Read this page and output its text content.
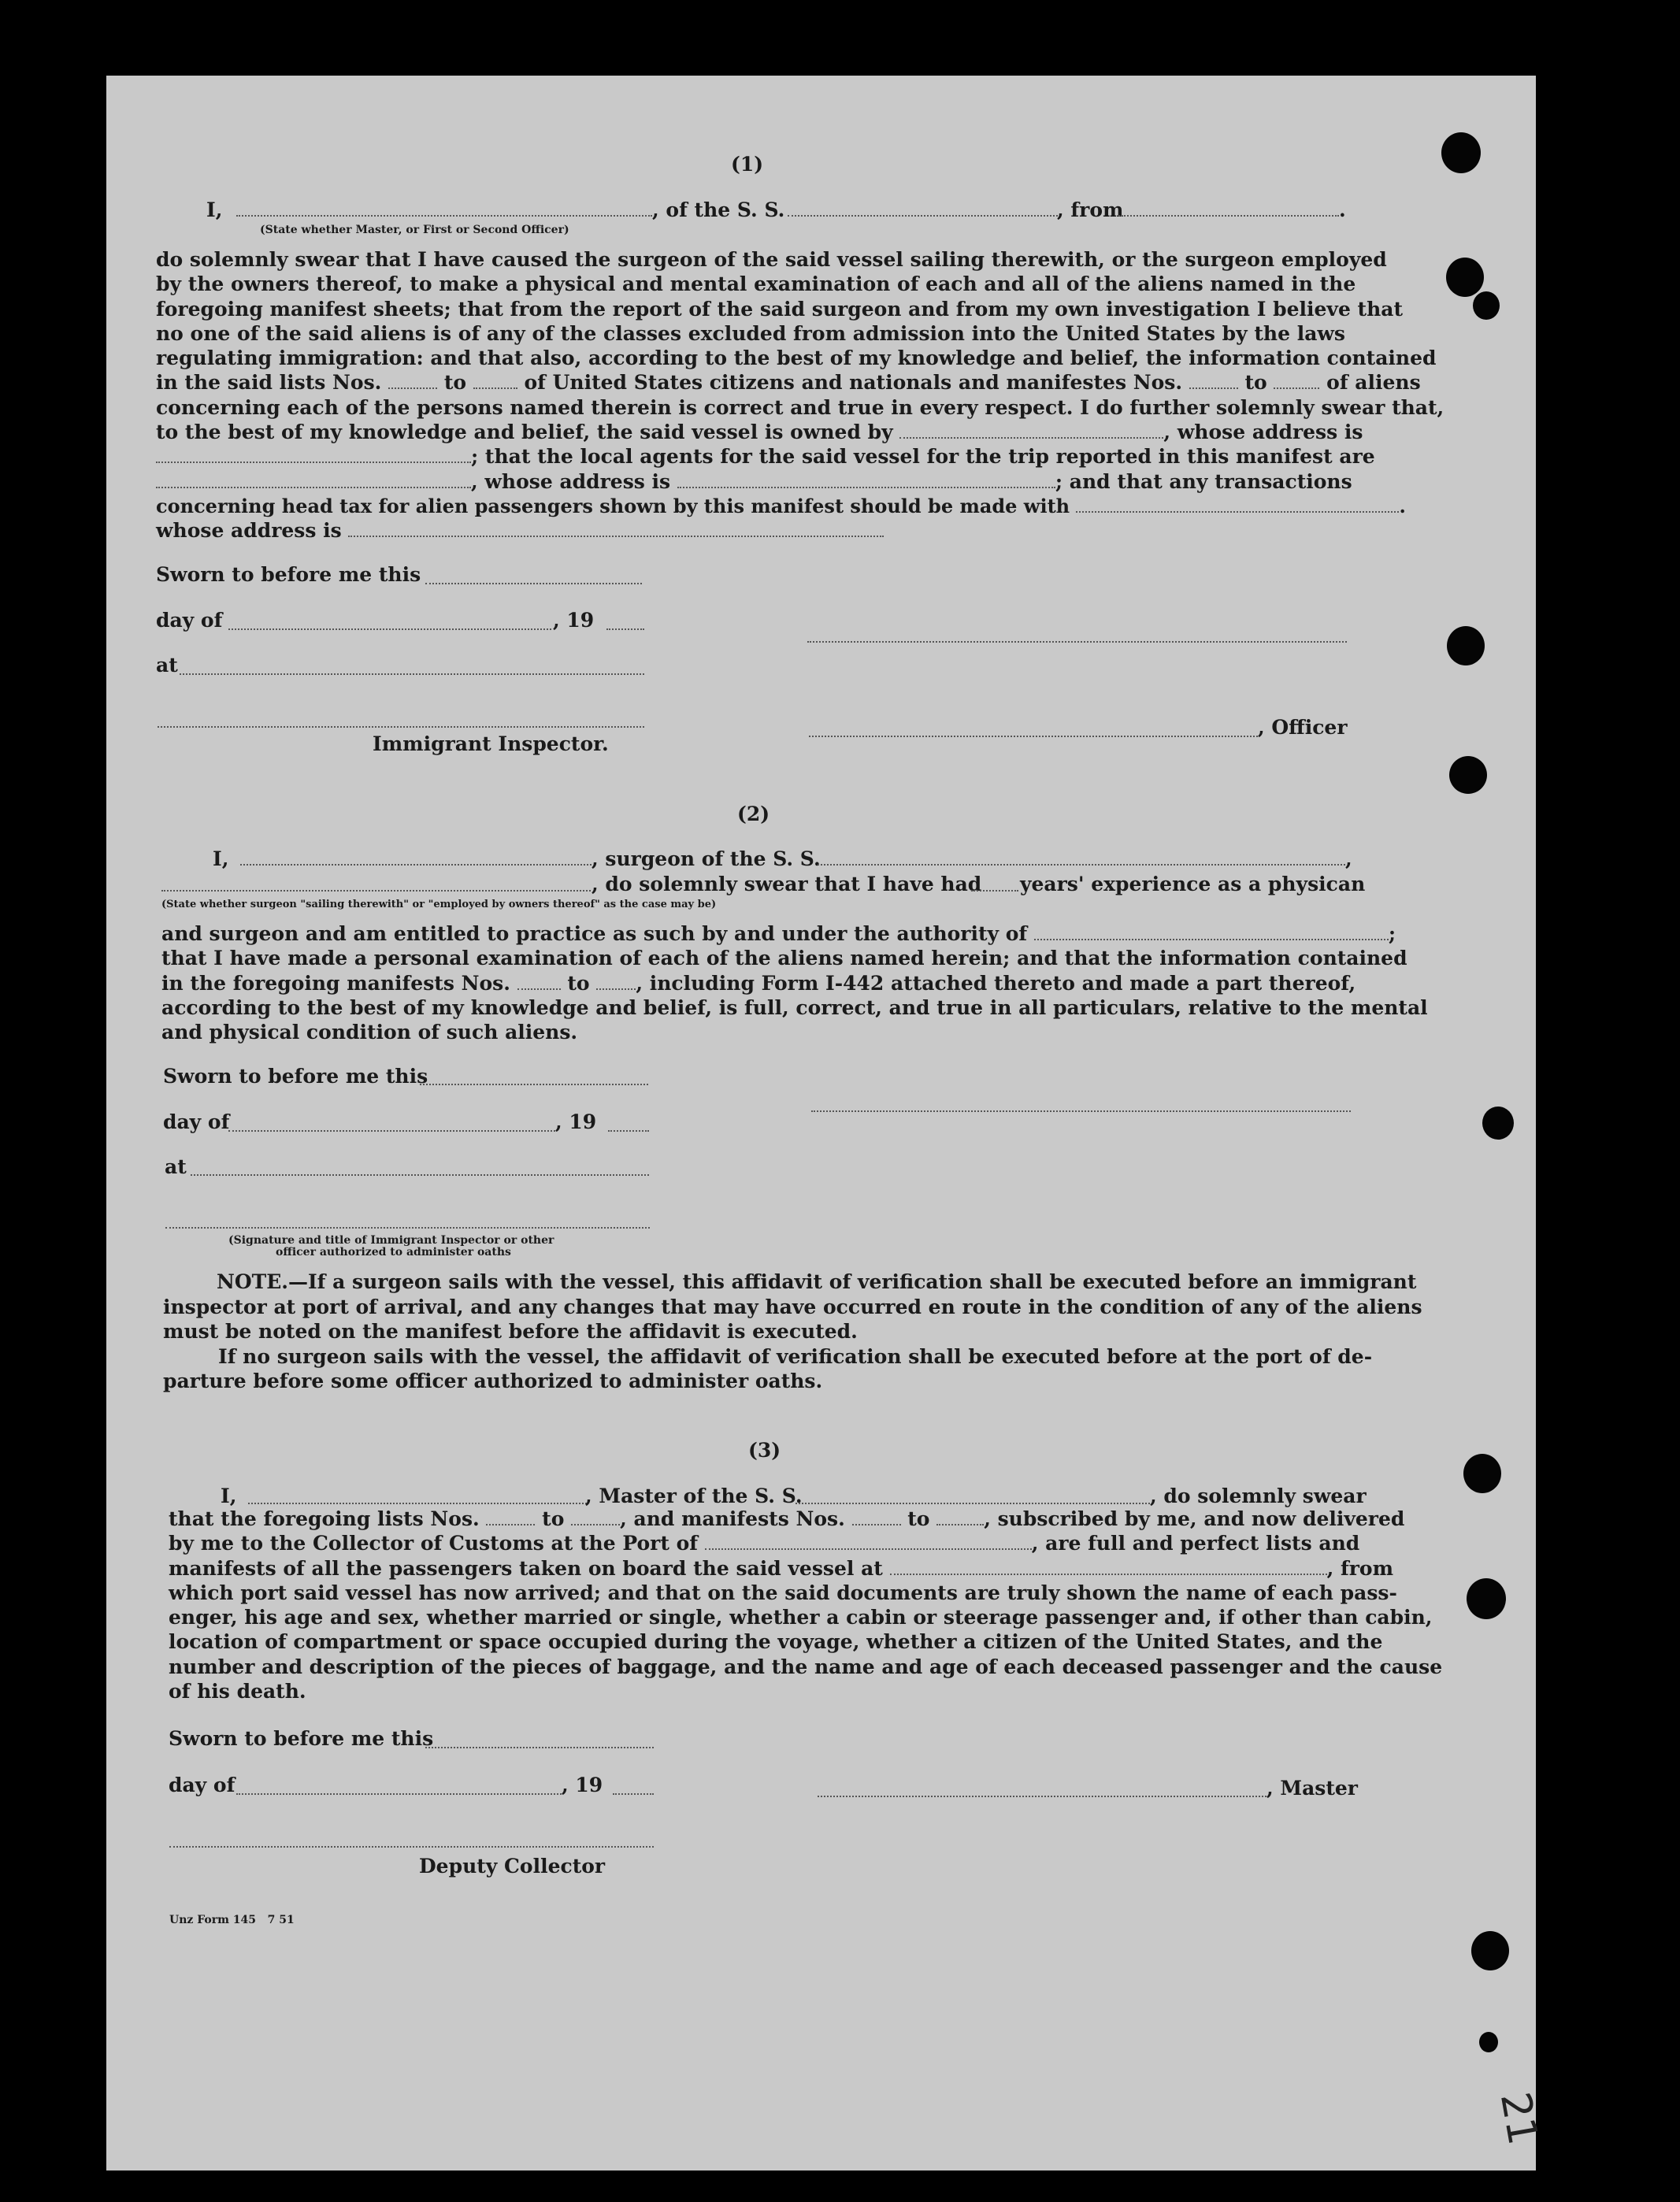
21
(1)
I,	, of the S. S.	, from	.
(State whether Master, or First or Second Officer)
do solemnly swear that I have caused the surgeon of the said vessel sailing therewith, or the surgeon employed
by the owners thereof, to make a physical and mental examination of each and all of the aliens named in the
foregoing manifest sheets; that from the report of the said surgeon and from my own investigation I believe that
no one of the said aliens is of any of the classes excluded from admission into the United States by the laws
regulating immigration: and that also, according to the best of my knowledge and belief, the information contained
in the said lists Nos.	to	of United States citizens and nationals and manifestes Nos.	to	of aliens
concerning each of the persons named therein is correct and true in every respect. I do further solemnly swear that,
to the best of my knowledge and belief, the said vessel is owned by	, whose address is
; that the local agents for the said vessel for the trip reported in this manifest are
, whose address is	; and that any transactions
concerning head tax for alien passengers shown by this manifest should be made with	.
whose address is
Sworn to before me this
day of	, 19
at
, Officer
Immigrant Inspector.
(2)
I,	, surgeon of the S. S.	,
, do solemnly swear that I have had years' experience as a physican
(State whether surgeon "sailing therewith" or "employed by owners thereof" as the case may be)
and surgeon and am entitled to practice as such by and under the authority of	;
that I have made a personal examination of each of the aliens named herein; and that the information contained
in the foregoing manifests Nos.	to , including Form I-442 attached thereto and made a part thereof,
according to the best of my knowledge and belief, is full, correct, and true in all particulars, relative to the mental
and physical condition of such aliens.
Sworn to before me this
day of	, 19
at
(Signature and title of Immigrant Inspector or other
officer authorized to administer oaths
NOTE.—If a surgeon sails with the vessel, this affidavit of verification shall be executed before an immigrant
inspector at port of arrival, and any changes that may have occurred en route in the condition of any of the aliens
must be noted on the manifest before the affidavit is executed.
If no surgeon sails with the vessel, the affidavit of verification shall be executed before at the port of de-
parture before some officer authorized to administer oaths.
(3)
I,	, Master of the S. S.	, do solemnly swear
that the foregoing lists Nos.	to	, and manifests Nos.	to	, subscribed by me, and now delivered
by me to the Collector of Customs at the Port of	, are full and perfect lists and
manifests of all the passengers taken on board the said vessel at	, from
which port said vessel has now arrived; and that on the said documents are truly shown the name of each pass-
enger, his age and sex, whether married or single, whether a cabin or steerage passenger and, if other than cabin,
location of compartment or space occupied during the voyage, whether a citizen of the United States, and the
number and description of the pieces of baggage, and the name and age of each deceased passenger and the cause
of his death.
Sworn to before me this
day of	, 19	, Master
Deputy Collector
Unz Form 145   7 51
